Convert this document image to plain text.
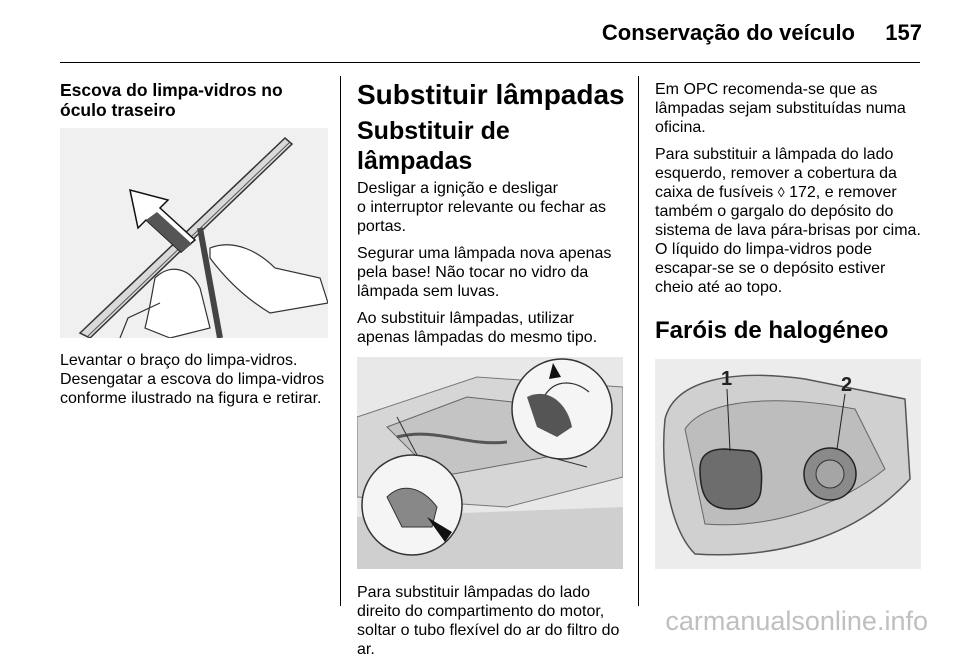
Conservação do veículo	157
Escova do limpa-vidros no
óculo traseiro

Levantar o braço do limpa-vidros.

Desengatar a escova do limpa-vidros

conforme ilustrado na figura e retirar.

Substituir lâmpadas
Substituir de lâmpadas

Desligar a ignição e desligar

o interruptor relevante ou fechar as

portas.

Segurar uma lâmpada nova apenas

pela base! Não tocar no vidro da

lâmpada sem luvas.

Ao substituir lâmpadas, utilizar

apenas lâmpadas do mesmo tipo.

Para substituir lâmpadas do lado

direito do compartimento do motor,

soltar o tubo flexível do ar do filtro do

ar.

Em OPC recomenda-se que as

lâmpadas sejam substituídas numa

oficina.

Para substituir a lâmpada do lado

esquerdo, remover a cobertura da

caixa de fusíveis ◊ 172, e remover

também o gargalo do depósito do

sistema de lava pára-brisas por cima.

O líquido do limpa-vidros pode

escapar-se se o depósito estiver

cheio até ao topo.

Faróis de halogéneo
1	2
carmanualsonline.info
